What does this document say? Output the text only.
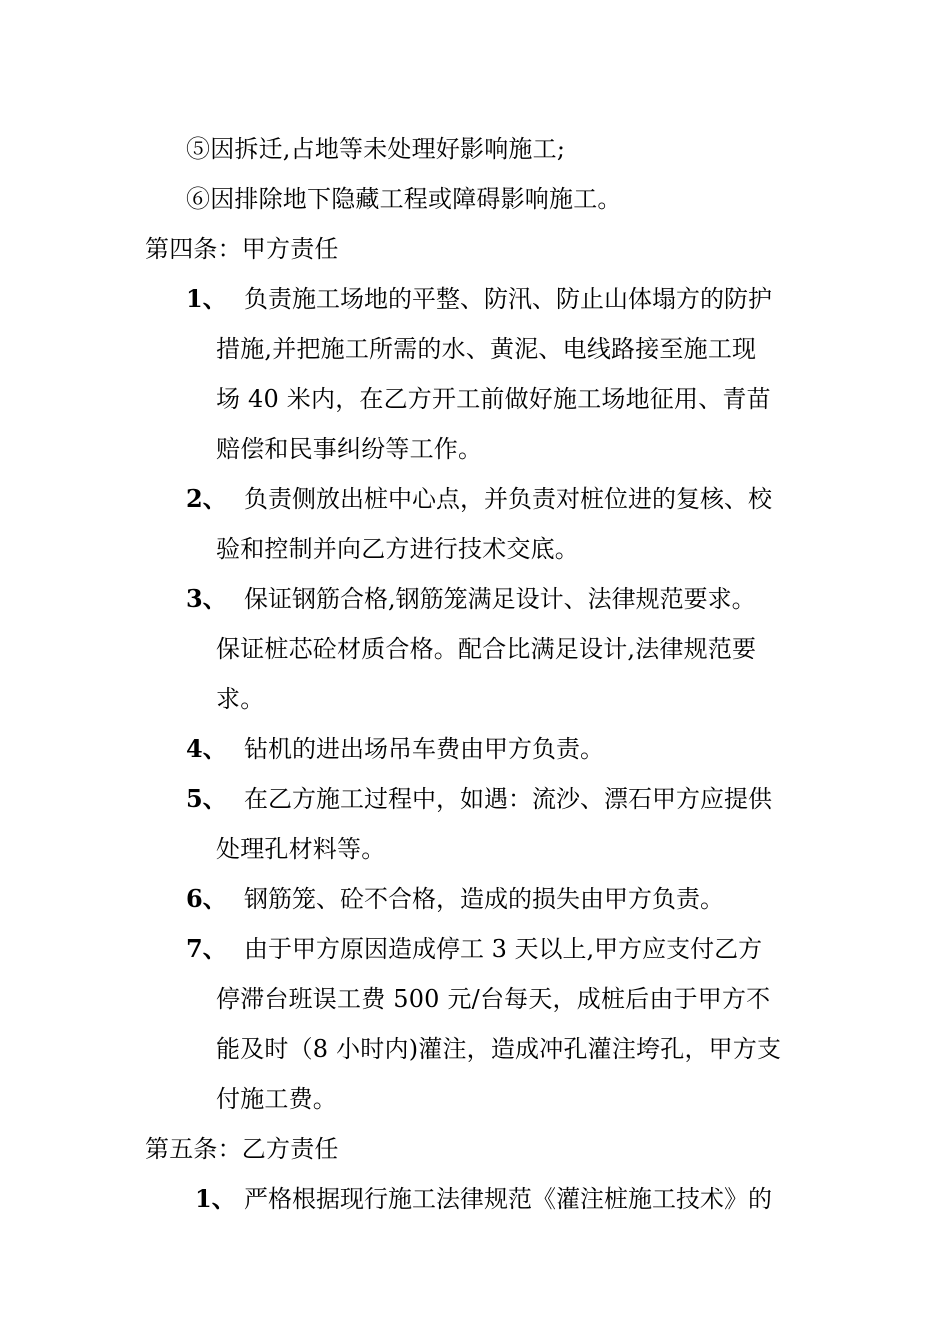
⑤因拆迁,占地等未处理好影响施工;
⑥因排除地下隐藏工程或障碍影响施工。
第四条：甲方责任
1、 负责施工场地的平整、防汛、防止山体塌方的防护
措施,并把施工所需的水、黄泥、电线路接至施工现
场 40 米内，在乙方开工前做好施工场地征用、青苗
赔偿和民事纠纷等工作。
2、 负责侧放出桩中心点，并负责对桩位进的复核、校
验和控制并向乙方进行技术交底。
3、 保证钢筋合格,钢筋笼满足设计、法律规范要求。
保证桩芯砼材质合格。配合比满足设计,法律规范要
求。
4、 钻机的进出场吊车费由甲方负责。
5、 在乙方施工过程中，如遇：流沙、漂石甲方应提供
处理孔材料等。
6、 钢筋笼、砼不合格，造成的损失由甲方负责。
7、 由于甲方原因造成停工 3 天以上,甲方应支付乙方
停滞台班误工费 500 元/台每天，成桩后由于甲方不
能及时（8 小时内)灌注，造成冲孔灌注垮孔，甲方支
付施工费。
第五条：乙方责任
1、 严格根据现行施工法律规范《灌注桩施工技术》的
